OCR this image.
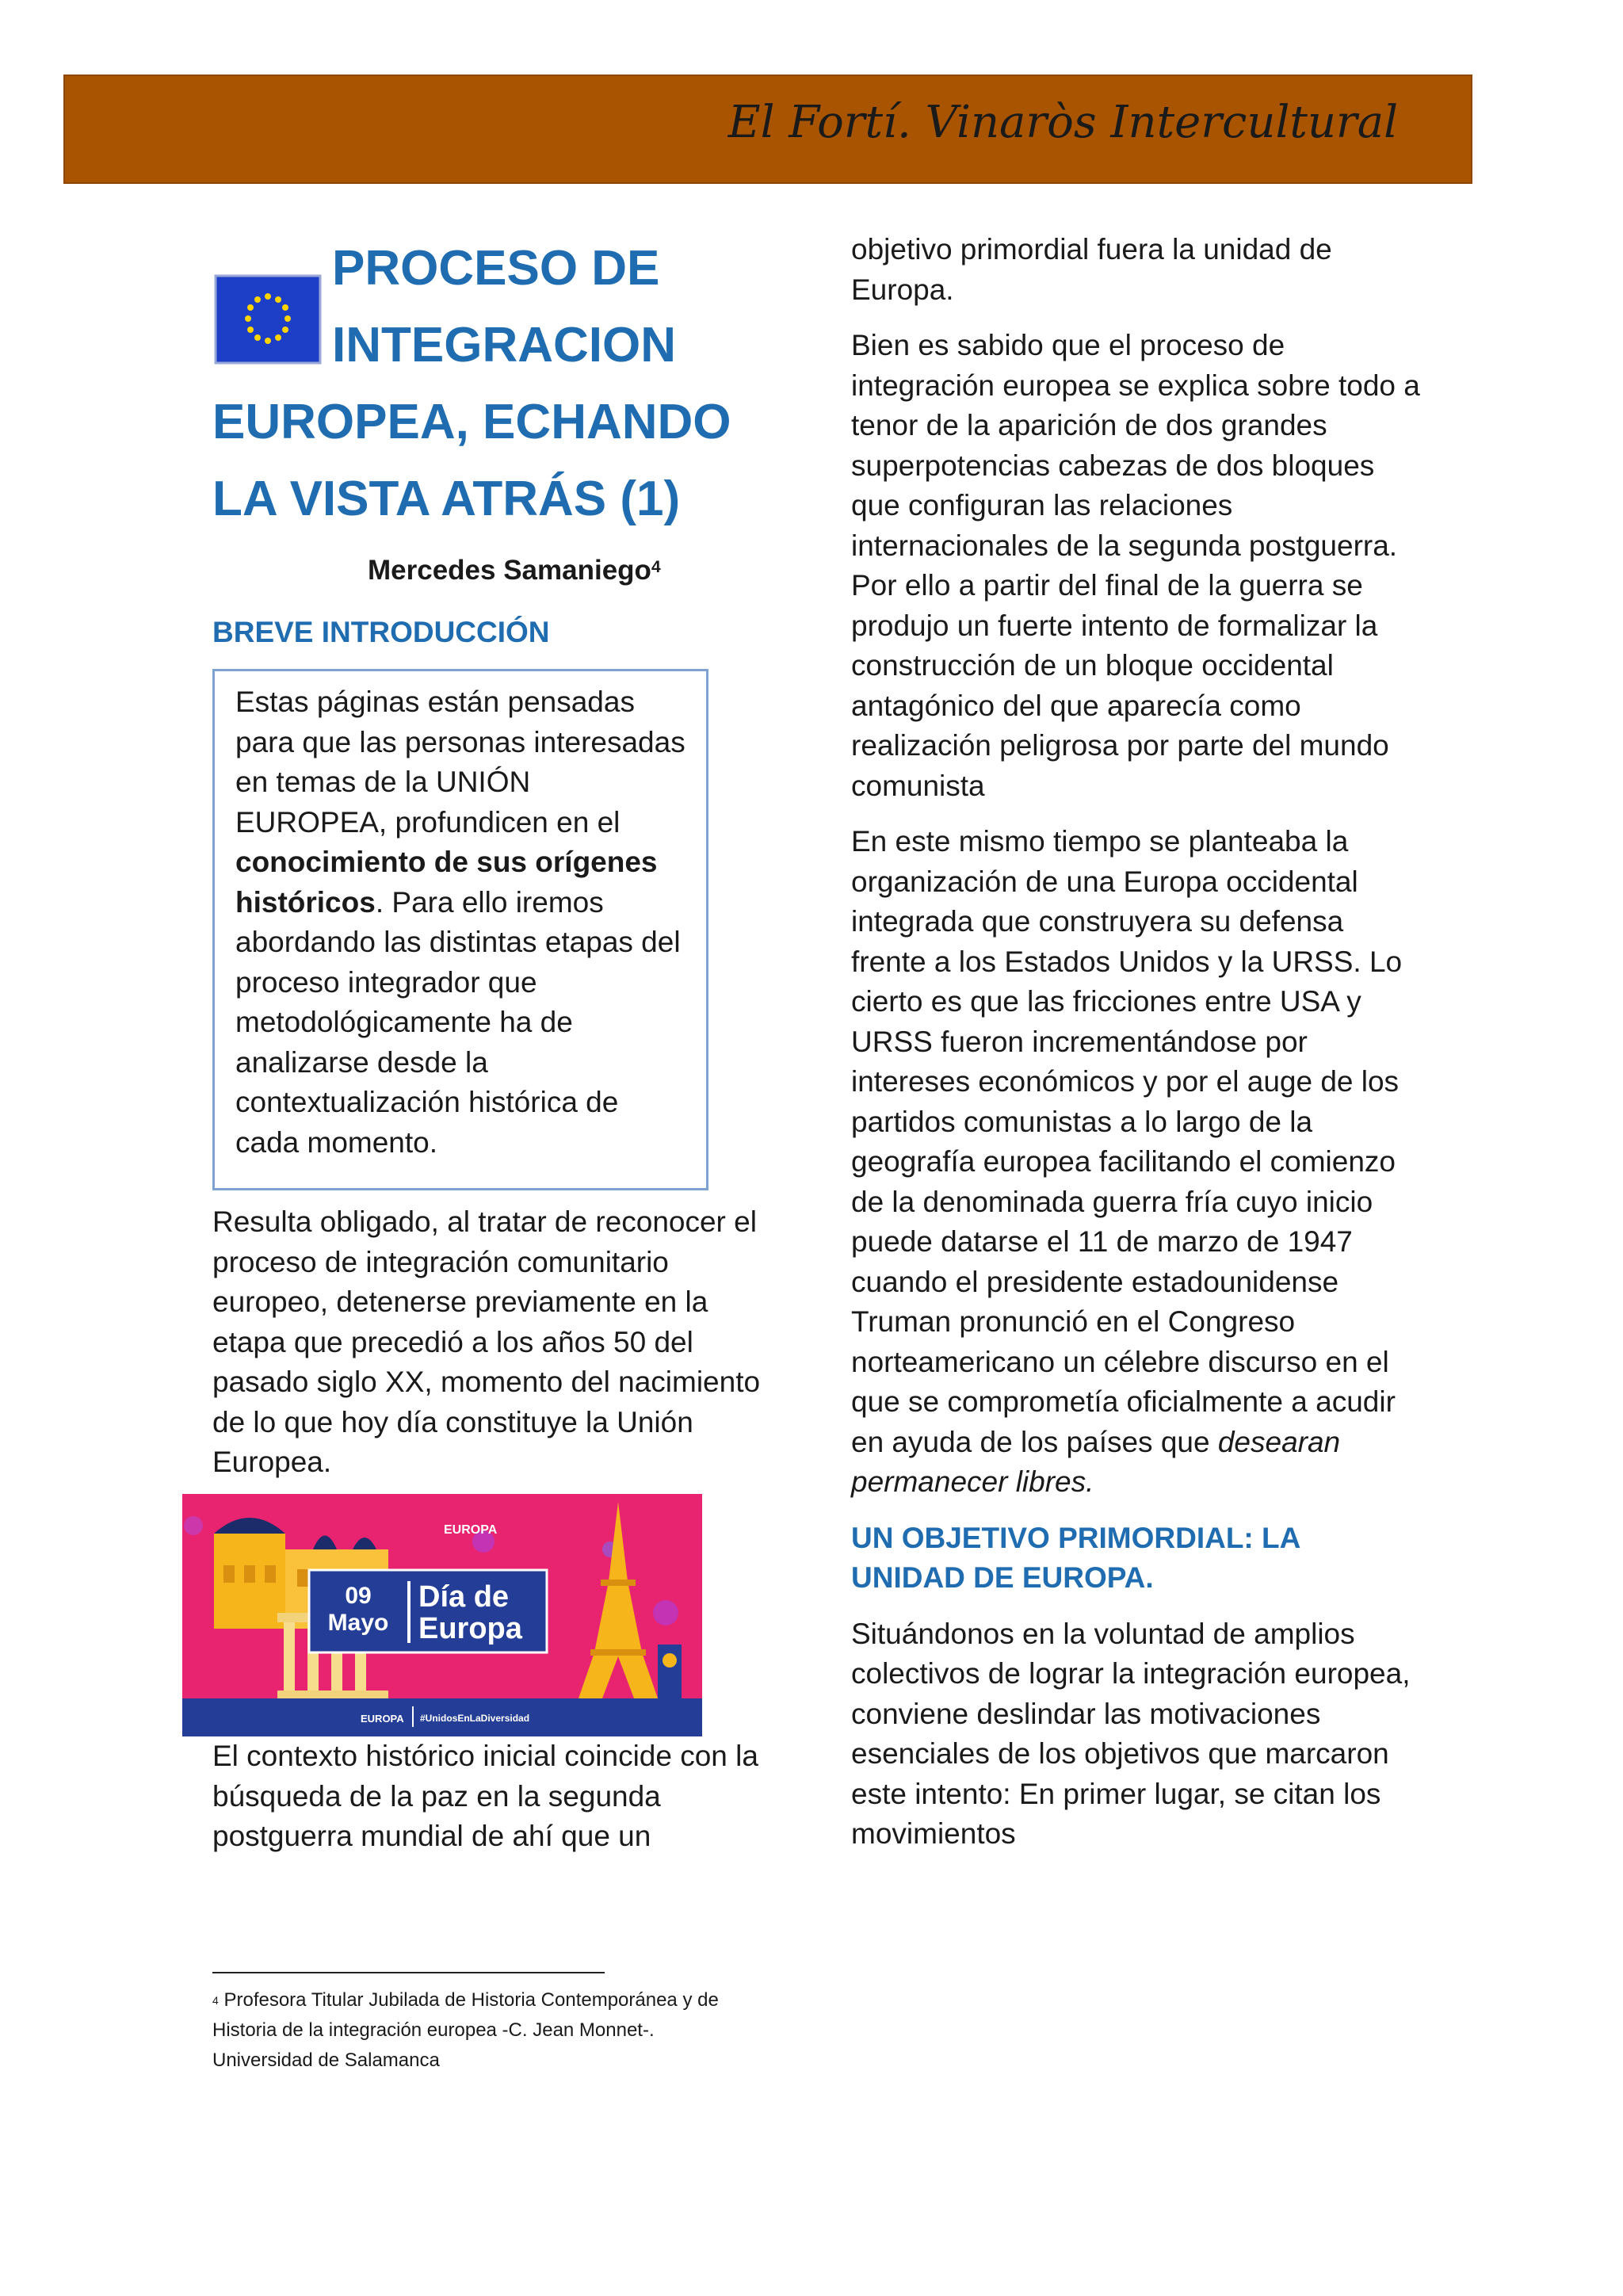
El Fortí. Vinaròs Intercultural
PROCESO DE
INTEGRACION
EUROPEA, ECHANDO
LA VISTA ATRÁS (1)
Mercedes Samaniego$^4$
BREVE INTRODUCCIÓN

Estas páginas están pensadas para que las personas interesadas en temas de la UNIÓN EUROPEA, profundicen en el conocimiento de sus orígenes históricos. Para ello iremos abordando las distintas etapas del proceso integrador que metodológicamente ha de analizarse desde la contextualización histórica de cada momento.

Resulta obligado, al tratar de reconocer el proceso de integración comunitario europeo, detenerse previamente en la etapa que precedió a los años 50 del pasado siglo XX, momento del nacimiento de lo que hoy día constituye la Unión Europea.

09
Mayo
Día de
Europa
EUROPA
EUROPA #UnidosEnLaDiversidad

El contexto histórico inicial coincide con la búsqueda de la paz en la segunda postguerra mundial de ahí que un

objetivo primordial fuera la unidad de Europa.

Bien es sabido que el proceso de integración europea se explica sobre todo a tenor de la aparición de dos grandes superpotencias cabezas de dos bloques que configuran las relaciones internacionales de la segunda postguerra. Por ello a partir del final de la guerra se produjo un fuerte intento de formalizar la construcción de un bloque occidental antagónico del que aparecía como realización peligrosa por parte del mundo comunista

En este mismo tiempo se planteaba la organización de una Europa occidental integrada que construyera su defensa frente a los Estados Unidos y la URSS. Lo cierto es que las fricciones entre USA y URSS fueron incrementándose por intereses económicos y por el auge de los partidos comunistas a lo largo de la geografía europea facilitando el comienzo de la denominada guerra fría cuyo inicio puede datarse el 11 de marzo de 1947 cuando el presidente estadounidense Truman pronunció en el Congreso norteamericano un célebre discurso en el que se comprometía oficialmente a acudir en ayuda de los países que desearan permanecer libres.

UN OBJETIVO PRIMORDIAL: LA UNIDAD DE EUROPA.

Situándonos en la voluntad de amplios colectivos de lograr la integración europea, conviene deslindar las motivaciones esenciales de los objetivos que marcaron este intento: En primer lugar, se citan los movimientos

$^4$ Profesora Titular Jubilada de Historia Contemporánea y de Historia de la integración europea -C. Jean Monnet-. Universidad de Salamanca
